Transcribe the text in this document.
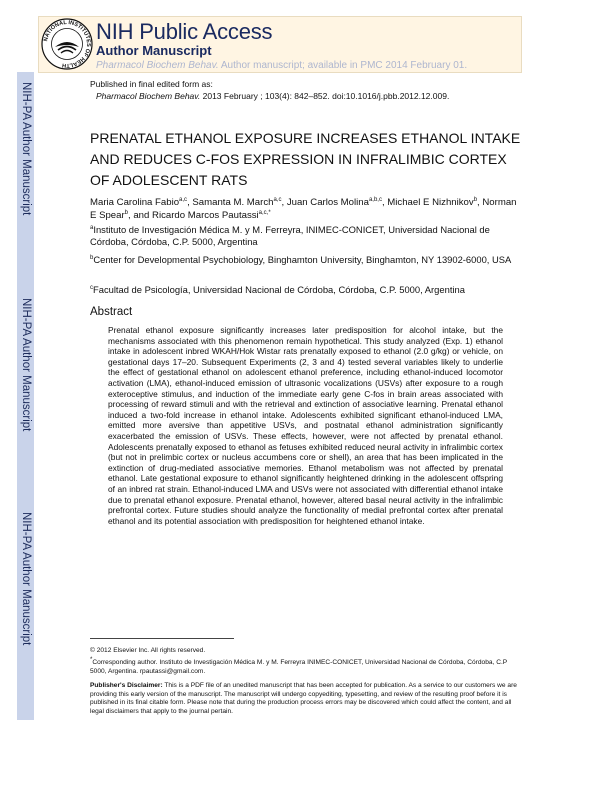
NIH-PA Author Manuscript
NIH-PA Author Manuscript
NIH-PA Author Manuscript
NATIONAL INSTITUTES OF HEALTH
NIH Public Access
Author Manuscript
Pharmacol Biochem Behav. Author manuscript; available in PMC 2014 February 01.
Published in final edited form as:
Pharmacol Biochem Behav. 2013 February ; 103(4): 842–852. doi:10.1016/j.pbb.2012.12.009.
PRENATAL ETHANOL EXPOSURE INCREASES ETHANOL INTAKE AND REDUCES C-FOS EXPRESSION IN INFRALIMBIC CORTEX OF ADOLESCENT RATS
Maria Carolina Fabio$^{a,c}$, Samanta M. March$^{a,c}$, Juan Carlos Molina$^{a,b,c}$, Michael E Nizhnikov$^b$, Norman E Spear$^b$, and Ricardo Marcos Pautassi$^{a,c,*}$
$^a$Instituto de Investigación Médica M. y M. Ferreyra, INIMEC-CONICET, Universidad Nacional de Córdoba, Córdoba, C.P. 5000, Argentina
$^b$Center for Developmental Psychobiology, Binghamton University, Binghamton, NY 13902-6000, USA
$^c$Facultad de Psicología, Universidad Nacional de Córdoba, Córdoba, C.P. 5000, Argentina
Abstract
Prenatal ethanol exposure significantly increases later predisposition for alcohol intake, but the mechanisms associated with this phenomenon remain hypothetical. This study analyzed (Exp. 1) ethanol intake in adolescent inbred WKAH/Hok Wistar rats prenatally exposed to ethanol (2.0 g/kg) or vehicle, on gestational days 17–20. Subsequent Experiments (2, 3 and 4) tested several variables likely to underlie the effect of gestational ethanol on adolescent ethanol preference, including ethanol-induced locomotor activation (LMA), ethanol-induced emission of ultrasonic vocalizations (USVs) after exposure to a rough exteroceptive stimulus, and induction of the immediate early gene C-fos in brain areas associated with processing of reward stimuli and with the retrieval and extinction of associative learning. Prenatal ethanol induced a two-fold increase in ethanol intake. Adolescents exhibited significant ethanol-induced LMA, emitted more aversive than appetitive USVs, and postnatal ethanol administration significantly exacerbated the emission of USVs. These effects, however, were not affected by prenatal ethanol. Adolescents prenatally exposed to ethanol as fetuses exhibited reduced neural activity in infralimbic cortex (but not in prelimbic cortex or nucleus accumbens core or shell), an area that has been implicated in the extinction of drug-mediated associative memories. Ethanol metabolism was not affected by prenatal ethanol. Late gestational exposure to ethanol significantly heightened drinking in the adolescent offspring of an inbred rat strain. Ethanol-induced LMA and USVs were not associated with differential ethanol intake due to prenatal ethanol exposure. Prenatal ethanol, however, altered basal neural activity in the infralimbic prefrontal cortex. Future studies should analyze the functionality of medial prefrontal cortex after prenatal ethanol and its potential association with predisposition for heightened ethanol intake.
© 2012 Elsevier Inc. All rights reserved.
*Corresponding author. Instituto de Investigación Médica M. y M. Ferreyra INIMEC-CONICET, Universidad Nacional de Córdoba, Córdoba, C.P 5000, Argentina. rpautassi@gmail.com.
Publisher's Disclaimer: This is a PDF file of an unedited manuscript that has been accepted for publication. As a service to our customers we are providing this early version of the manuscript. The manuscript will undergo copyediting, typesetting, and review of the resulting proof before it is published in its final citable form. Please note that during the production process errors may be discovered which could affect the content, and all legal disclaimers that apply to the journal pertain.
